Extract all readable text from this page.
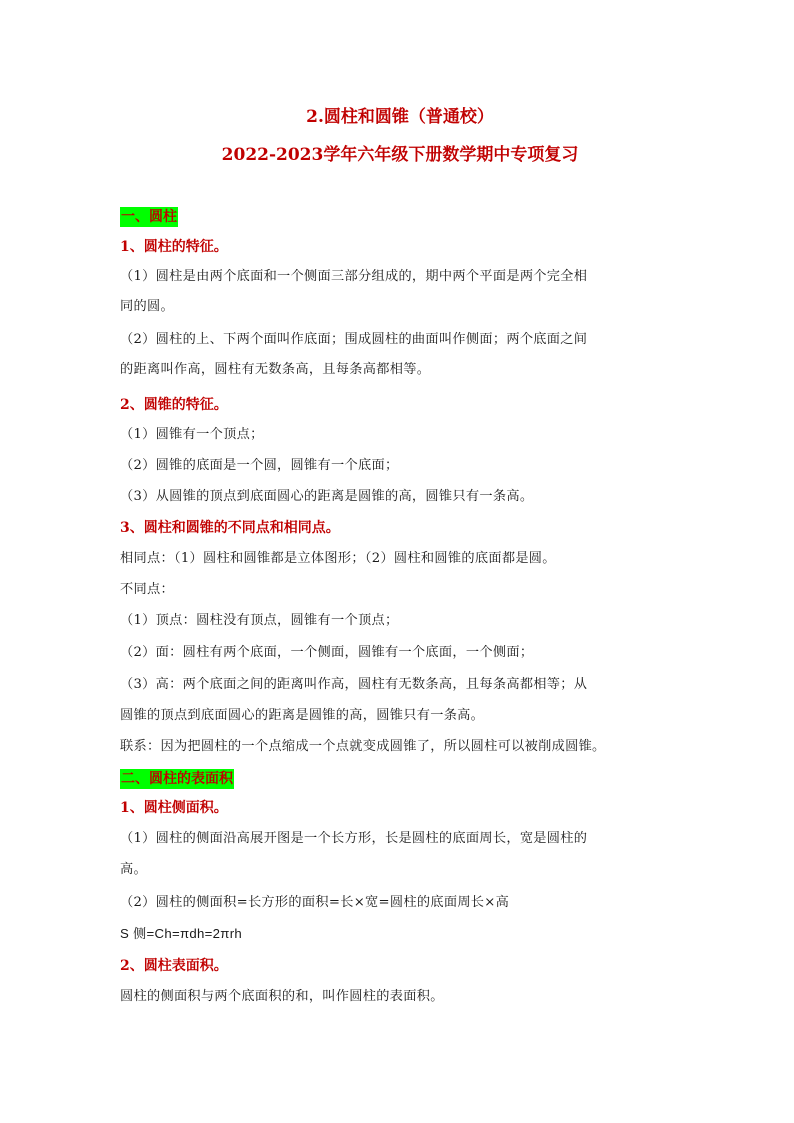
2.圆柱和圆锥（普通校）
2022-2023学年六年级下册数学期中专项复习
一、圆柱
1、圆柱的特征。
（1）圆柱是由两个底面和一个侧面三部分组成的，期中两个平面是两个完全相
同的圆。
（2）圆柱的上、下两个面叫作底面；围成圆柱的曲面叫作侧面；两个底面之间
的距离叫作高，圆柱有无数条高，且每条高都相等。
2、圆锥的特征。
（1）圆锥有一个顶点；
（2）圆锥的底面是一个圆，圆锥有一个底面；
（3）从圆锥的顶点到底面圆心的距离是圆锥的高，圆锥只有一条高。
3、圆柱和圆锥的不同点和相同点。
相同点：（1）圆柱和圆锥都是立体图形；（2）圆柱和圆锥的底面都是圆。
不同点：
（1）顶点：圆柱没有顶点，圆锥有一个顶点；
（2）面：圆柱有两个底面，一个侧面，圆锥有一个底面，一个侧面；
（3）高：两个底面之间的距离叫作高，圆柱有无数条高，且每条高都相等；从
圆锥的顶点到底面圆心的距离是圆锥的高，圆锥只有一条高。
联系：因为把圆柱的一个点缩成一个点就变成圆锥了，所以圆柱可以被削成圆锥。
二、圆柱的表面积
1、圆柱侧面积。
（1）圆柱的侧面沿高展开图是一个长方形，长是圆柱的底面周长，宽是圆柱的
高。
（2）圆柱的侧面积=长方形的面积=长×宽=圆柱的底面周长×高
S 侧=Ch=πdh=2πrh
2、圆柱表面积。
圆柱的侧面积与两个底面积的和，叫作圆柱的表面积。
